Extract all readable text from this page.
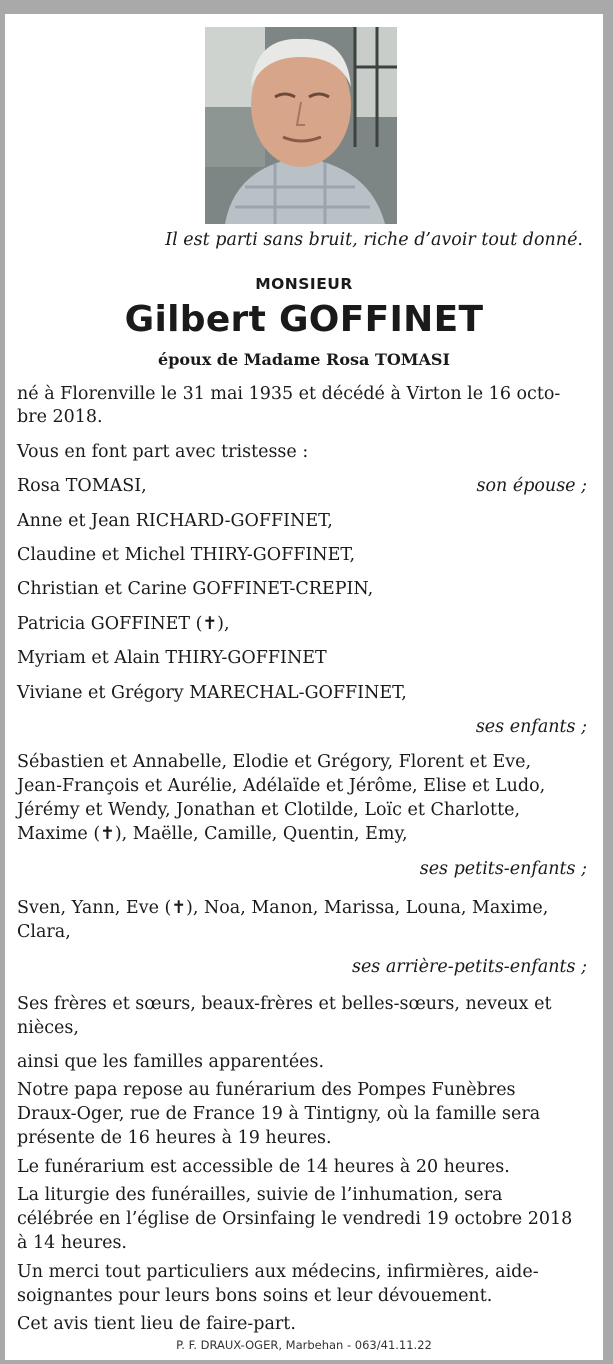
Il est parti sans bruit, riche d’avoir tout donné.
MONSIEUR
Gilbert GOFFINET
époux de Madame Rosa TOMASI
né à Florenville le 31 mai 1935 et décédé à Virton le 16 octo-
bre 2018.
Vous en font part avec tristesse :
Rosa TOMASI,	son épouse ;
Anne et Jean RICHARD-GOFFINET,
Claudine et Michel THIRY-GOFFINET,
Christian et Carine GOFFINET-CREPIN,
Patricia GOFFINET (✝),
Myriam et Alain THIRY-GOFFINET
Viviane et Grégory MARECHAL-GOFFINET,
ses enfants ;
Sébastien et Annabelle, Elodie et Grégory, Florent et Eve,
Jean-François et Aurélie, Adélaïde et Jérôme, Elise et Ludo,
Jérémy et Wendy, Jonathan et Clotilde, Loïc et Charlotte,
Maxime (✝), Maëlle, Camille, Quentin, Emy,
ses petits-enfants ;
Sven, Yann, Eve (✝), Noa, Manon, Marissa, Louna, Maxime,
Clara,
ses arrière-petits-enfants ;
Ses frères et sœurs, beaux-frères et belles-sœurs, neveux et
nièces,
ainsi que les familles apparentées.
Notre papa repose au funérarium des Pompes Funèbres
Draux-Oger, rue de France 19 à Tintigny, où la famille sera
présente de 16 heures à 19 heures.
Le funérarium est accessible de 14 heures à 20 heures.
La liturgie des funérailles, suivie de l’inhumation, sera
célébrée en l’église de Orsinfaing le vendredi 19 octobre 2018
à 14 heures.
Un merci tout particuliers aux médecins, infirmières, aide-
soignantes pour leurs bons soins et leur dévouement.
Cet avis tient lieu de faire-part.
P. F. DRAUX-OGER, Marbehan - 063/41.11.22
